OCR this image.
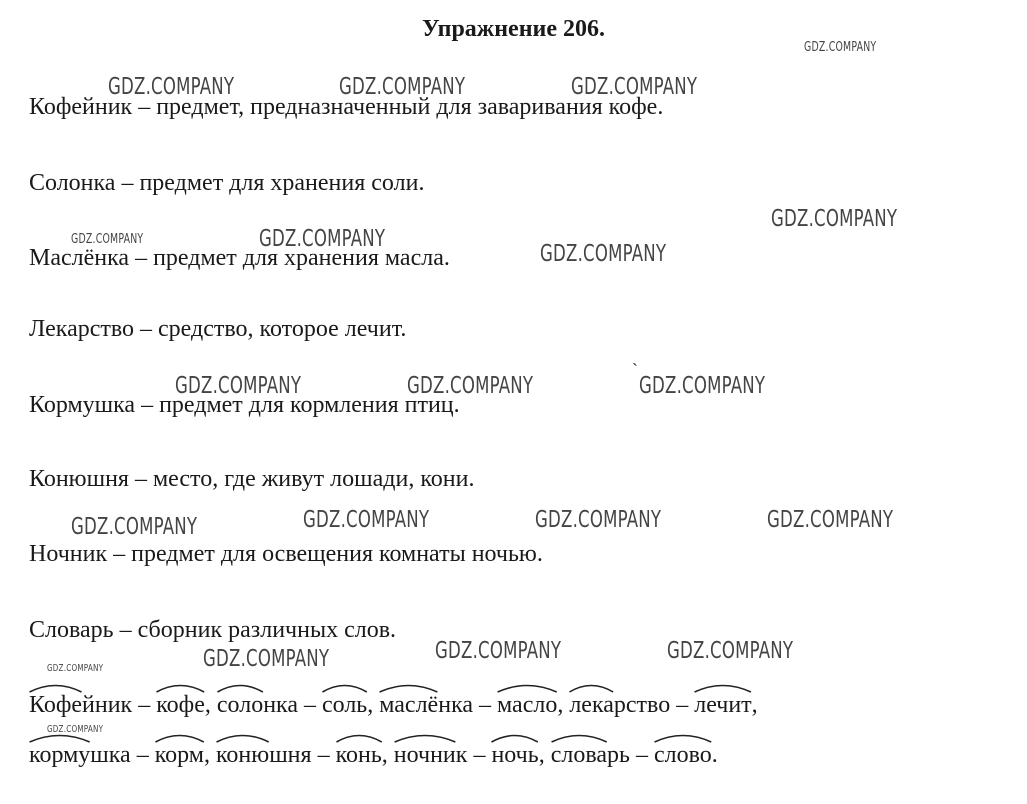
Упражнение 206.
GDZ.COMPANY
GDZ.COMPANY	GDZ.COMPANY	GDZ.COMPANY
GDZ.COMPANY
GDZ.COMPANY	GDZ.COMPANY
GDZ.COMPANY
GDZ.COMPANY	GDZ.COMPANY	GDZ.COMPANY
GDZ.COMPANY	GDZ.COMPANY	GDZ.COMPANY	GDZ.COMPANY
GDZ.COMPANY	GDZ.COMPANY
GDZ.COMPANY
GDZ.COMPANY
GDZ.COMPANY
ˋ
Кофейник – предмет, предназначенный для заваривания кофе.
Солонка – предмет для хранения соли.
Маслёнка – предмет для хранения масла.
Лекарство – средство, которое лечит.
Кормушка – предмет для кормления птиц.
Конюшня – место, где живут лошади, кони.
Ночник – предмет для освещения комнаты ночью.
Словарь – сборник различных слов.
Кофе
йник – кофе
, соло
нка – соль
, маслё
нка – масло
, лека
рство – лечит
,
корму
шка – корм
, коню
шня – конь
, ночни
к – ночь
, слова
рь – слово
.
